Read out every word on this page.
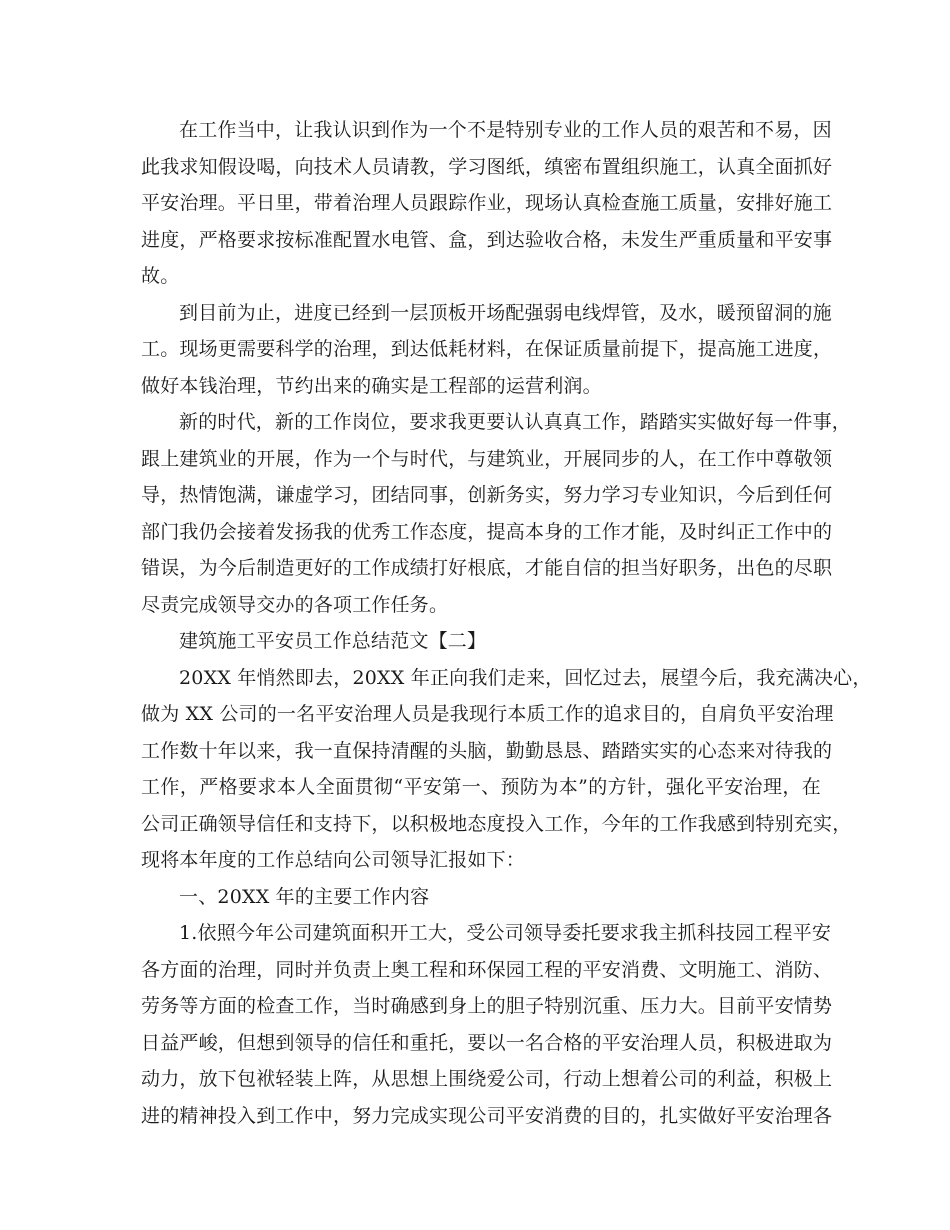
在工作当中，让我认识到作为一个不是特别专业的工作人员的艰苦和不易，因
此我求知假设喝，向技术人员请教，学习图纸，缜密布置组织施工，认真全面抓好
平安治理。平日里，带着治理人员跟踪作业，现场认真检查施工质量，安排好施工
进度，严格要求按标准配置水电管、盒，到达验收合格，未发生严重质量和平安事
故。
到目前为止，进度已经到一层顶板开场配强弱电线焊管，及水，暖预留洞的施
工。现场更需要科学的治理，到达低耗材料，在保证质量前提下，提高施工进度，
做好本钱治理，节约出来的确实是工程部的运营利润。
新的时代，新的工作岗位，要求我更要认认真真工作，踏踏实实做好每一件事，
跟上建筑业的开展，作为一个与时代，与建筑业，开展同步的人，在工作中尊敬领
导，热情饱满，谦虚学习，团结同事，创新务实，努力学习专业知识，今后到任何
部门我仍会接着发扬我的优秀工作态度，提高本身的工作才能，及时纠正工作中的
错误，为今后制造更好的工作成绩打好根底，才能自信的担当好职务，出色的尽职
尽责完成领导交办的各项工作任务。
建筑施工平安员工作总结范文【二】
20XX 年悄然即去，20XX 年正向我们走来，回忆过去，展望今后，我充满决心，
做为 XX 公司的一名平安治理人员是我现行本质工作的追求目的，自肩负平安治理
工作数十年以来，我一直保持清醒的头脑，勤勤恳恳、踏踏实实的心态来对待我的
工作，严格要求本人全面贯彻“平安第一、预防为本”的方针，强化平安治理，在
公司正确领导信任和支持下，以积极地态度投入工作，今年的工作我感到特别充实，
现将本年度的工作总结向公司领导汇报如下：
一、20XX 年的主要工作内容
1.依照今年公司建筑面积开工大，受公司领导委托要求我主抓科技园工程平安
各方面的治理，同时并负责上奥工程和环保园工程的平安消费、文明施工、消防、
劳务等方面的检查工作，当时确感到身上的胆子特别沉重、压力大。目前平安情势
日益严峻，但想到领导的信任和重托，要以一名合格的平安治理人员，积极进取为
动力，放下包袱轻装上阵，从思想上围绕爱公司，行动上想着公司的利益，积极上
进的精神投入到工作中，努力完成实现公司平安消费的目的，扎实做好平安治理各
